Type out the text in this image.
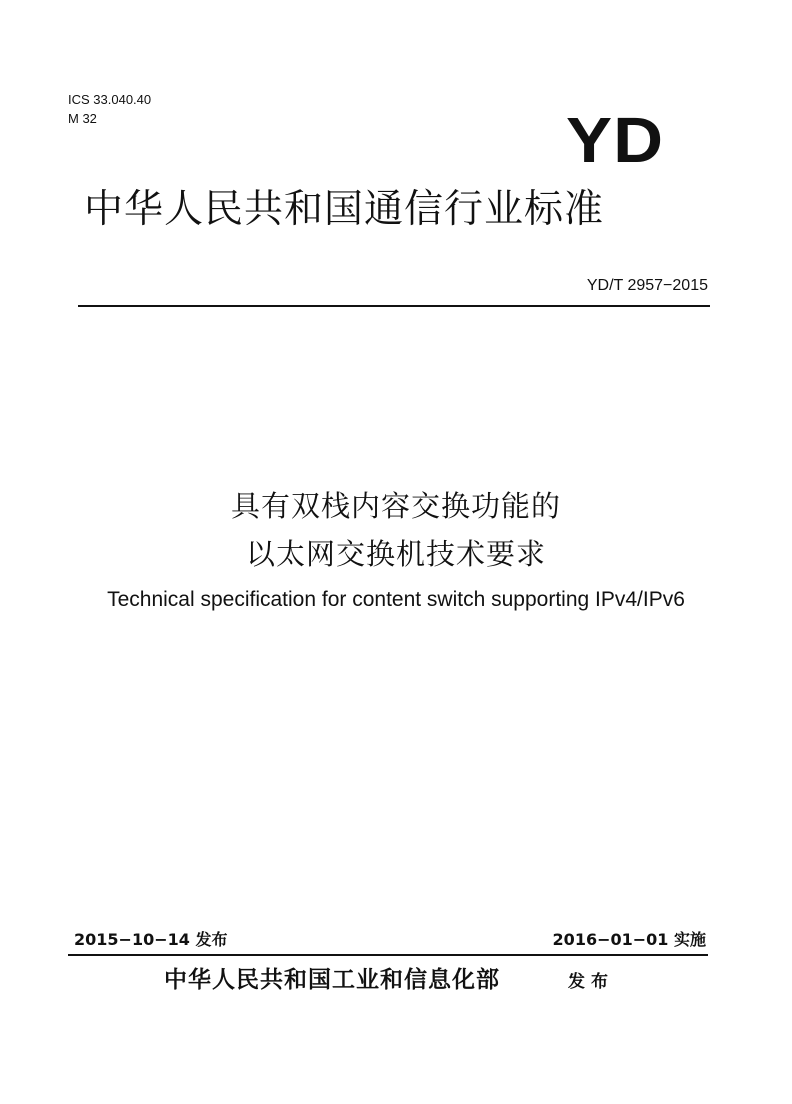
ICS 33.040.40
M 32	YD
中华人民共和国通信行业标准
YD/T 2957−2015
具有双栈内容交换功能的
以太网交换机技术要求
Technical specification for content switch supporting IPv4/IPv6
2015−10−14 发布	2016−01−01 实施
中华人民共和国工业和信息化部	发布
